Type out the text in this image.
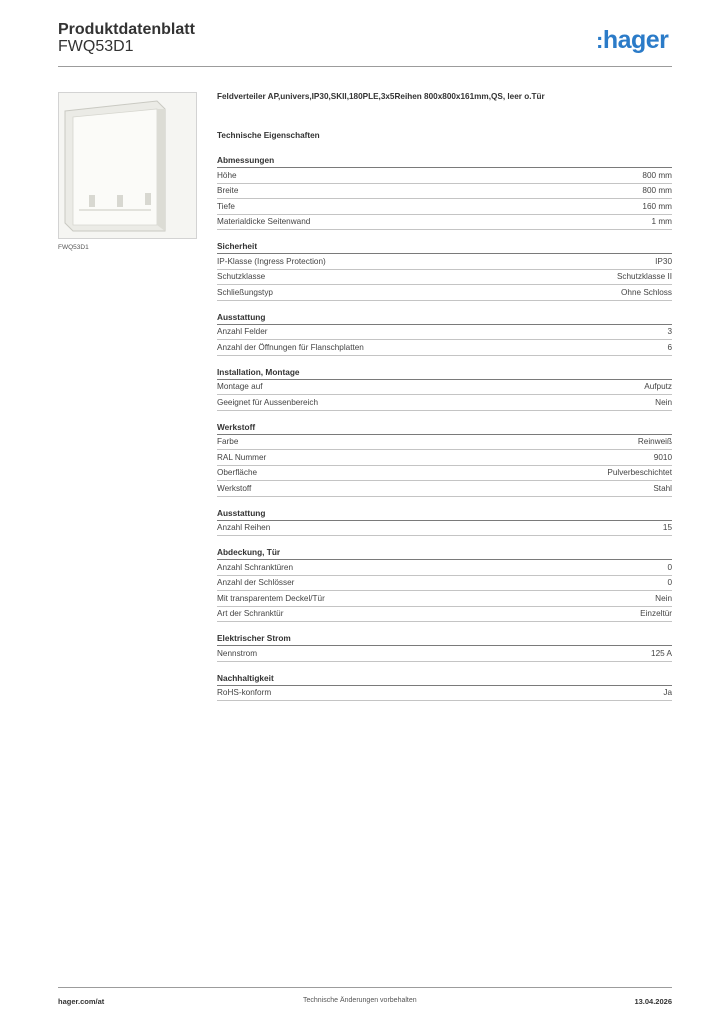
Produktdatenblatt
FWQ53D1	:hager
FWQ53D1
Feldverteiler AP,univers,IP30,SKII,180PLE,3x5Reihen 800x800x161mm,QS, leer o.Tür
Technische Eigenschaften
Abmessungen
Höhe	800 mm
Breite	800 mm
Tiefe	160 mm
Materialdicke Seitenwand	1 mm
Sicherheit
IP-Klasse (Ingress Protection)	IP30
Schutzklasse	Schutzklasse II
Schließungstyp	Ohne Schloss
Ausstattung
Anzahl Felder	3
Anzahl der Öffnungen für Flanschplatten	6
Installation, Montage
Montage auf	Aufputz
Geeignet für Aussenbereich	Nein
Werkstoff
Farbe	Reinweiß
RAL Nummer	9010
Oberfläche	Pulverbeschichtet
Werkstoff	Stahl
Ausstattung
Anzahl Reihen	15
Abdeckung, Tür
Anzahl Schranktüren	0
Anzahl der Schlösser	0
Mit transparentem Deckel/Tür	Nein
Art der Schranktür	Einzeltür
Elektrischer Strom
Nennstrom	125 A
Nachhaltigkeit
RoHS-konform	Ja
hager.com/at	Technische Änderungen vorbehalten	13.04.2026
